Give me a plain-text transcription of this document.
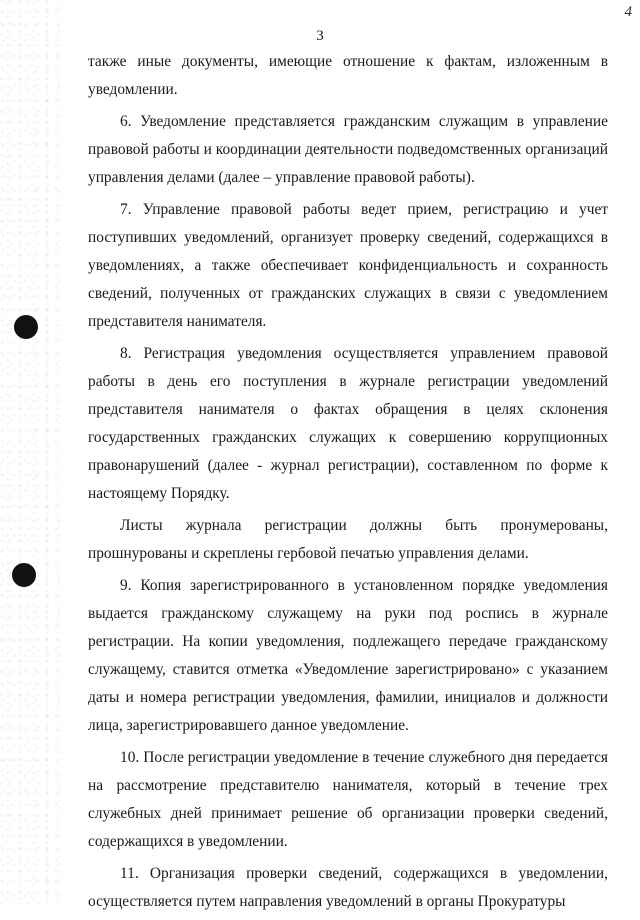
4
3

также иные документы, имеющие отношение к фактам, изложенным в уведомлении.

6. Уведомление представляется гражданским служащим в управление правовой работы и координации деятельности подведомственных организаций управления делами (далее – управление правовой работы).

7. Управление правовой работы ведет прием, регистрацию и учет поступивших уведомлений, организует проверку сведений, содержащихся в уведомлениях, а также обеспечивает конфиденциальность и сохранность сведений, полученных от гражданских служащих в связи с уведомлением представителя нанимателя.

8. Регистрация уведомления осуществляется управлением правовой работы в день его поступления в журнале регистрации уведомлений представителя нанимателя о фактах обращения в целях склонения государственных гражданских служащих к совершению коррупционных правонарушений (далее - журнал регистрации), составленном по форме к настоящему Порядку.

Листы журнала регистрации должны быть пронумерованы, прошнурованы и скреплены гербовой печатью управления делами.

9. Копия зарегистрированного в установленном порядке уведомления выдается гражданскому служащему на руки под роспись в журнале регистрации. На копии уведомления, подлежащего передаче гражданскому служащему, ставится отметка «Уведомление зарегистрировано» с указанием даты и номера регистрации уведомления, фамилии, инициалов и должности лица, зарегистрировавшего данное уведомление.

10. После регистрации уведомление в течение служебного дня передается на рассмотрение представителю нанимателя, который в течение трех служебных дней принимает решение об организации проверки сведений, содержащихся в уведомлении.

11. Организация проверки сведений, содержащихся в уведомлении, осуществляется путем направления уведомлений в органы Прокуратуры
